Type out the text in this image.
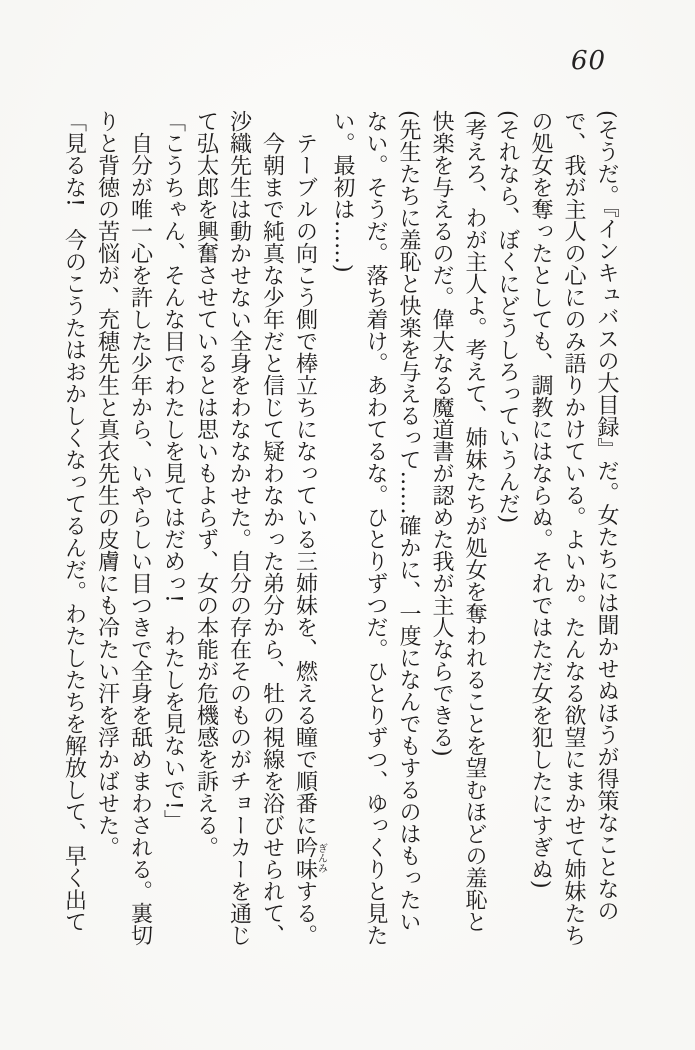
60

(そうだ。『インキュバスの大目録』だ。女たちには聞かせぬほうが得策なことなので、我が主人の心にのみ語りかけている。よいか。たんなる欲望にまかせて姉妹たちの処女を奪ったとしても、調教にはならぬ。それではただ女を犯したにすぎぬ)

(それなら、ぼくにどうしろっていうんだ)

(考えろ、わが主人よ。考えて、姉妹たちが処女を奪われることを望むほどの羞恥と快楽を与えるのだ。偉大なる魔道書が認めた我が主人ならできる)

(先生たちに羞恥と快楽を与えるって……確かに、一度になんでもするのはもったいない。そうだ。落ち着け。あわてるな。ひとりずつだ。ひとりずつ、ゆっくりと見たい。最初は……)

テーブルの向こう側で棒立ちになっている三姉妹を、燃える瞳で順番に吟味ぎんみする。

今朝まで純真な少年だと信じて疑わなかった弟分から、牡の視線を浴びせられて、沙織先生は動かせない全身をわななかせた。自分の存在そのものがチョーカーを通じて弘太郎を興奮させているとは思いもよらず、女の本能が危機感を訴える。

「こうちゃん、そんな目でわたしを見てはだめっ!　わたしを見ないで!」

自分が唯一心を許した少年から、いやらしい目つきで全身を舐めまわされる。裏切りと背徳の苦悩が、充穂先生と真衣先生の皮膚にも冷たい汗を浮かばせた。

「見るな!　今のこうたはおかしくなってるんだ。わたしたちを解放して、早く出て
